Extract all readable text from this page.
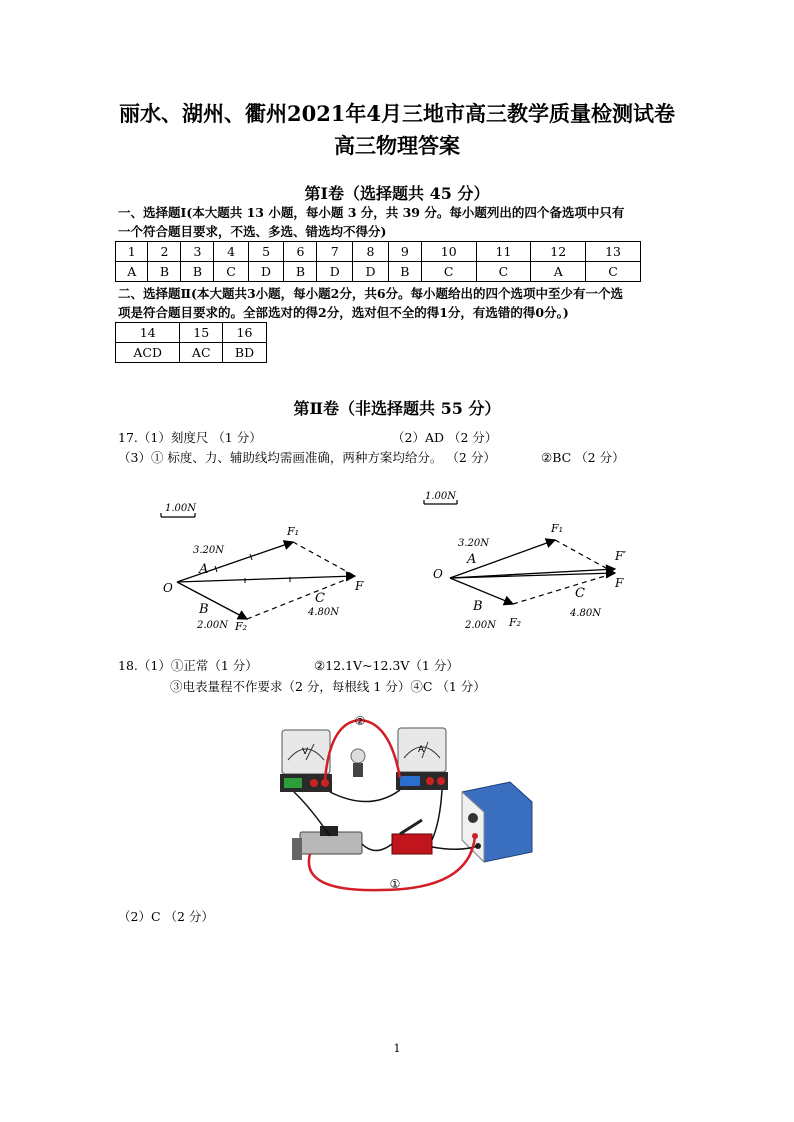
丽水、湖州、衢州2021年4月三地市高三教学质量检测试卷
高三物理答案
第Ⅰ卷（选择题共 45 分）
一、选择题Ⅰ(本大题共 13 小题，每小题 3 分，共 39 分。每小题列出的四个备选项中只有
一个符合题目要求，不选、多选、错选均不得分)
1	2	3	4	5	6	7	8	9	10	11	12	13
A	B	B	C	D	B	D	D	B	C	C	A	C
二、选择题Ⅱ(本大题共3小题，每小题2分，共6分。每小题给出的四个选项中至少有一个选
项是符合题目要求的。全部选对的得2分，选对但不全的得1分，有选错的得0分。)
14	15	16
ACD	AC	BD
第Ⅱ卷（非选择题共 55 分）
17.（1）刻度尺 （1 分）	（2）AD （2 分）
（3）① 标度、力、辅助线均需画准确，两种方案均给分。 （2 分）	②BC （2 分）
1.00N
O
A
B
C
3.20N
2.00N
4.80N
F₁
F₂
F
1.00N
O
A
B
C
3.20N
2.00N
4.80N
F₁
F₂
F′
F
18.（1）①正常（1 分）	②12.1V~12.3V（1 分）
③电表量程不作要求（2 分，每根线 1 分）④C （1 分）
V	A
②
①
（2）C （2 分）
1
